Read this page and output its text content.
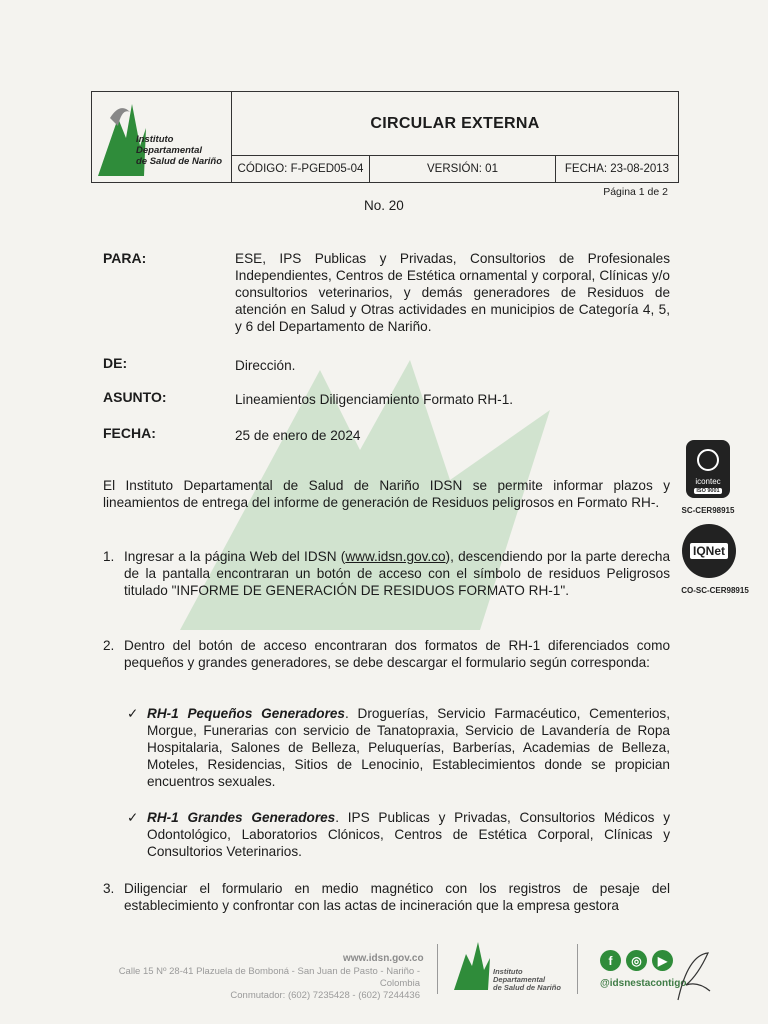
Instituto
Departamental
de Salud de Nariño
CIRCULAR EXTERNA
CÓDIGO: F-PGED05-04	VERSIÓN: 01	FECHA: 23-08-2013
Página 1 de 2
No. 20
PARA:	ESE, IPS Publicas y Privadas, Consultorios de Profesionales Independientes, Centros de Estética ornamental y corporal, Clínicas y/o consultorios veterinarios, y demás generadores de Residuos de atención en Salud y Otras actividades en municipios de Categoría 4, 5, y 6 del Departamento de Nariño.
DE:	Dirección.
ASUNTO:	Lineamientos Diligenciamiento Formato RH-1.
FECHA:	25 de enero de 2024
El Instituto Departamental de Salud de Nariño IDSN se permite informar plazos y lineamientos de entrega del informe de generación de Residuos peligrosos en Formato RH-.
1. Ingresar a la página Web del IDSN (www.idsn.gov.co), descendiendo por la parte derecha de la pantalla encontraran un botón de acceso con el símbolo de residuos Peligrosos titulado "INFORME DE GENERACIÓN DE RESIDUOS FORMATO RH-1".
2. Dentro del botón de acceso encontraran dos formatos de RH-1 diferenciados como pequeños y grandes generadores, se debe descargar el formulario según corresponda:
✓ RH-1 Pequeños Generadores. Droguerías, Servicio Farmacéutico, Cementerios, Morgue, Funerarias con servicio de Tanatopraxia, Servicio de Lavandería de Ropa Hospitalaria, Salones de Belleza, Peluquerías, Barberías, Academias de Belleza, Moteles, Residencias, Sitios de Lenocinio, Establecimientos donde se propician encuentros sexuales.
✓ RH-1 Grandes Generadores. IPS Publicas y Privadas, Consultorios Médicos y Odontológico, Laboratorios Clónicos, Centros de Estética Corporal, Clínicas y Consultorios Veterinarios.
3. Diligenciar el formulario en medio magnético con los registros de pesaje del establecimiento y confrontar con las actas de incineración que la empresa gestora
icontec
ISO 9001
SC-CER98915
IQNet
CO-SC-CER98915
www.idsn.gov.co
Calle 15 Nº 28-41 Plazuela de Bomboná - San Juan de Pasto - Nariño - Colombia
Conmutador: (602) 7235428 - (602) 7244436
Instituto
Departamental
de Salud de Nariño
f	◎	▶
@idsnestacontigo
